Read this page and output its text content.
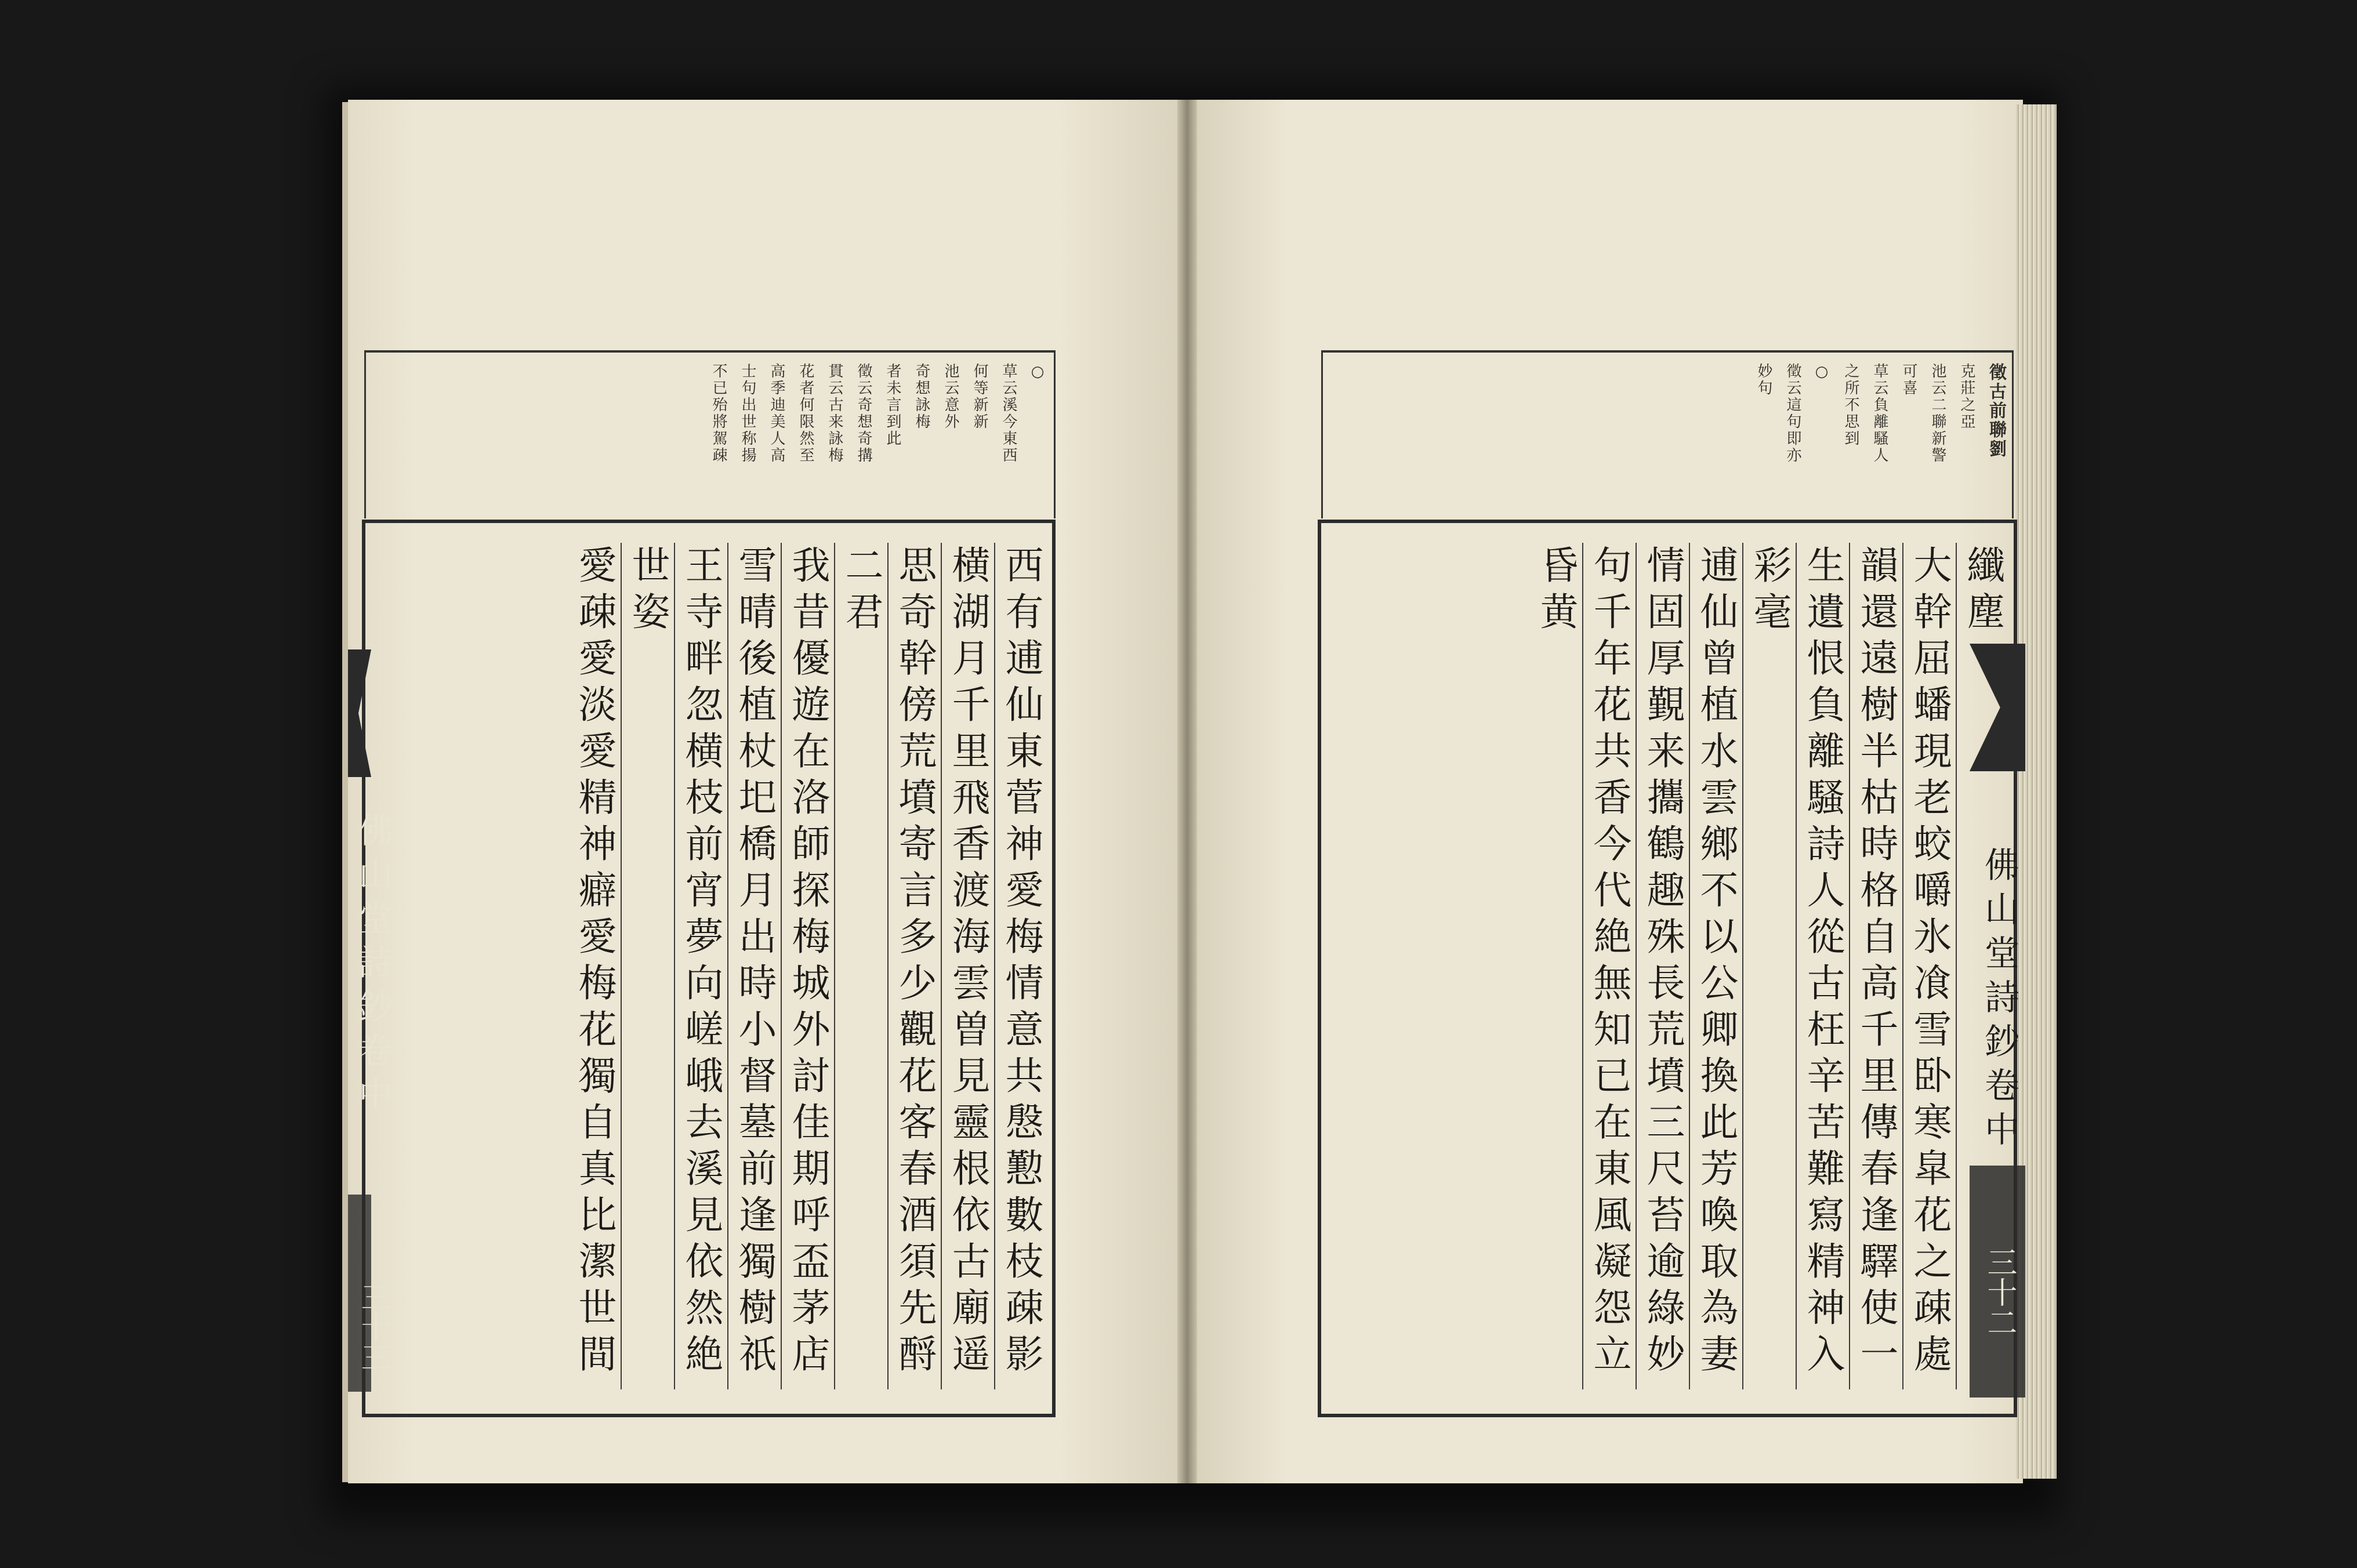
徵古前聯劉
克莊之亞
池云二聯新警
可喜
草云負離騷人
之所不思到
○
徵云這句即亦
妙句
纖塵
大幹屈蟠現老蛟嚼氷飡雪卧寒皐花之疎處
韻還遠樹半枯時格自高千里傳春逢驛使一
生遺恨負離騷詩人從古枉辛苦難寫精神入
彩毫
逋仙曾植水雲鄉不以公卿換此芳喚取為妻
情固厚覲来攜鶴趣殊長荒墳三尺苔逾綠妙
句千年花共香今代絶無知已在東風凝怨立
昏黄
○
草云溪今東西
何等新新
池云意外
奇想詠梅
者未言到此
徵云奇想奇搆
貫云古来詠梅
花者何限然至
高季迪美人高
士句出世称揚
不已殆將駕疎
西有逋仙東菅神愛梅情意共慇懃數枝疎影
横湖月千里飛香渡海雲曽見靈根依古廟遥
思奇幹傍荒墳寄言多少觀花客春酒須先酹
二君
我昔優遊在洛師探梅城外討佳期呼盃茅店
雪晴後植杖圯橋月出時小督墓前逢獨樹祇
王寺畔忽横枝前宵夢向嵯峨去溪見依然絶
世姿
愛疎愛淡愛精神癖愛梅花獨自真比潔世間	佛山堂詩鈔卷中
三十二
佛山堂詩鈔卷中
三十三
